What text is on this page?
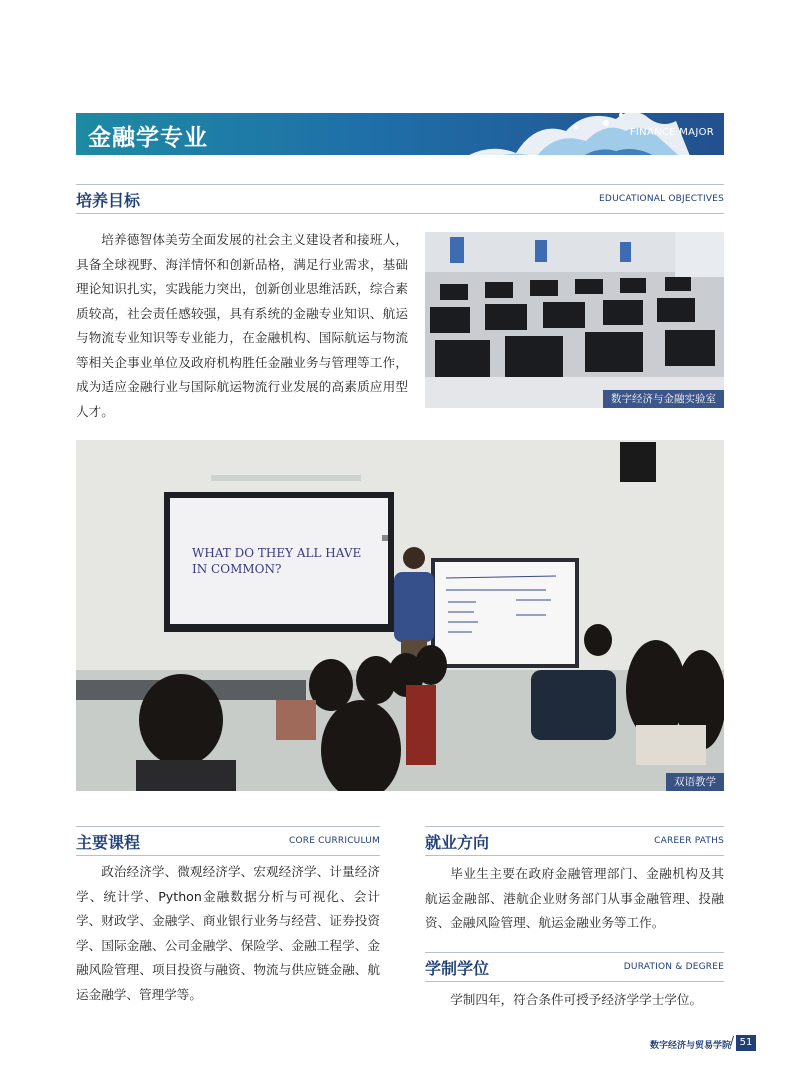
金融学专业	FINANCE MAJOR
培养目标	EDUCATIONAL OBJECTIVES

培养德智体美劳全面发展的社会主义建设者和接班人，具备全球视野、海洋情怀和创新品格，满足行业需求，基础理论知识扎实，实践能力突出，创新创业思维活跃，综合素质较高，社会责任感较强，具有系统的金融专业知识、航运与物流专业知识等专业能力，在金融机构、国际航运与物流等相关企事业单位及政府机构胜任金融业务与管理等工作，成为适应金融行业与国际航运物流行业发展的高素质应用型人才。

数字经济与金融实验室
WHAT DO THEY ALL HAVE IN COMMON?
双语教学
主要课程	CORE CURRICULUM

政治经济学、微观经济学、宏观经济学、计量经济学、统计学、Python金融数据分析与可视化、会计学、财政学、金融学、商业银行业务与经营、证券投资学、国际金融、公司金融学、保险学、金融工程学、金融风险管理、项目投资与融资、物流与供应链金融、航运金融学、管理学等。

就业方向	CAREER PATHS

毕业生主要在政府金融管理部门、金融机构及其航运金融部、港航企业财务部门从事金融管理、投融资、金融风险管理、航运金融业务等工作。

学制学位	DURATION & DEGREE

学制四年，符合条件可授予经济学学士学位。

数字经济与贸易学院
/ 51
